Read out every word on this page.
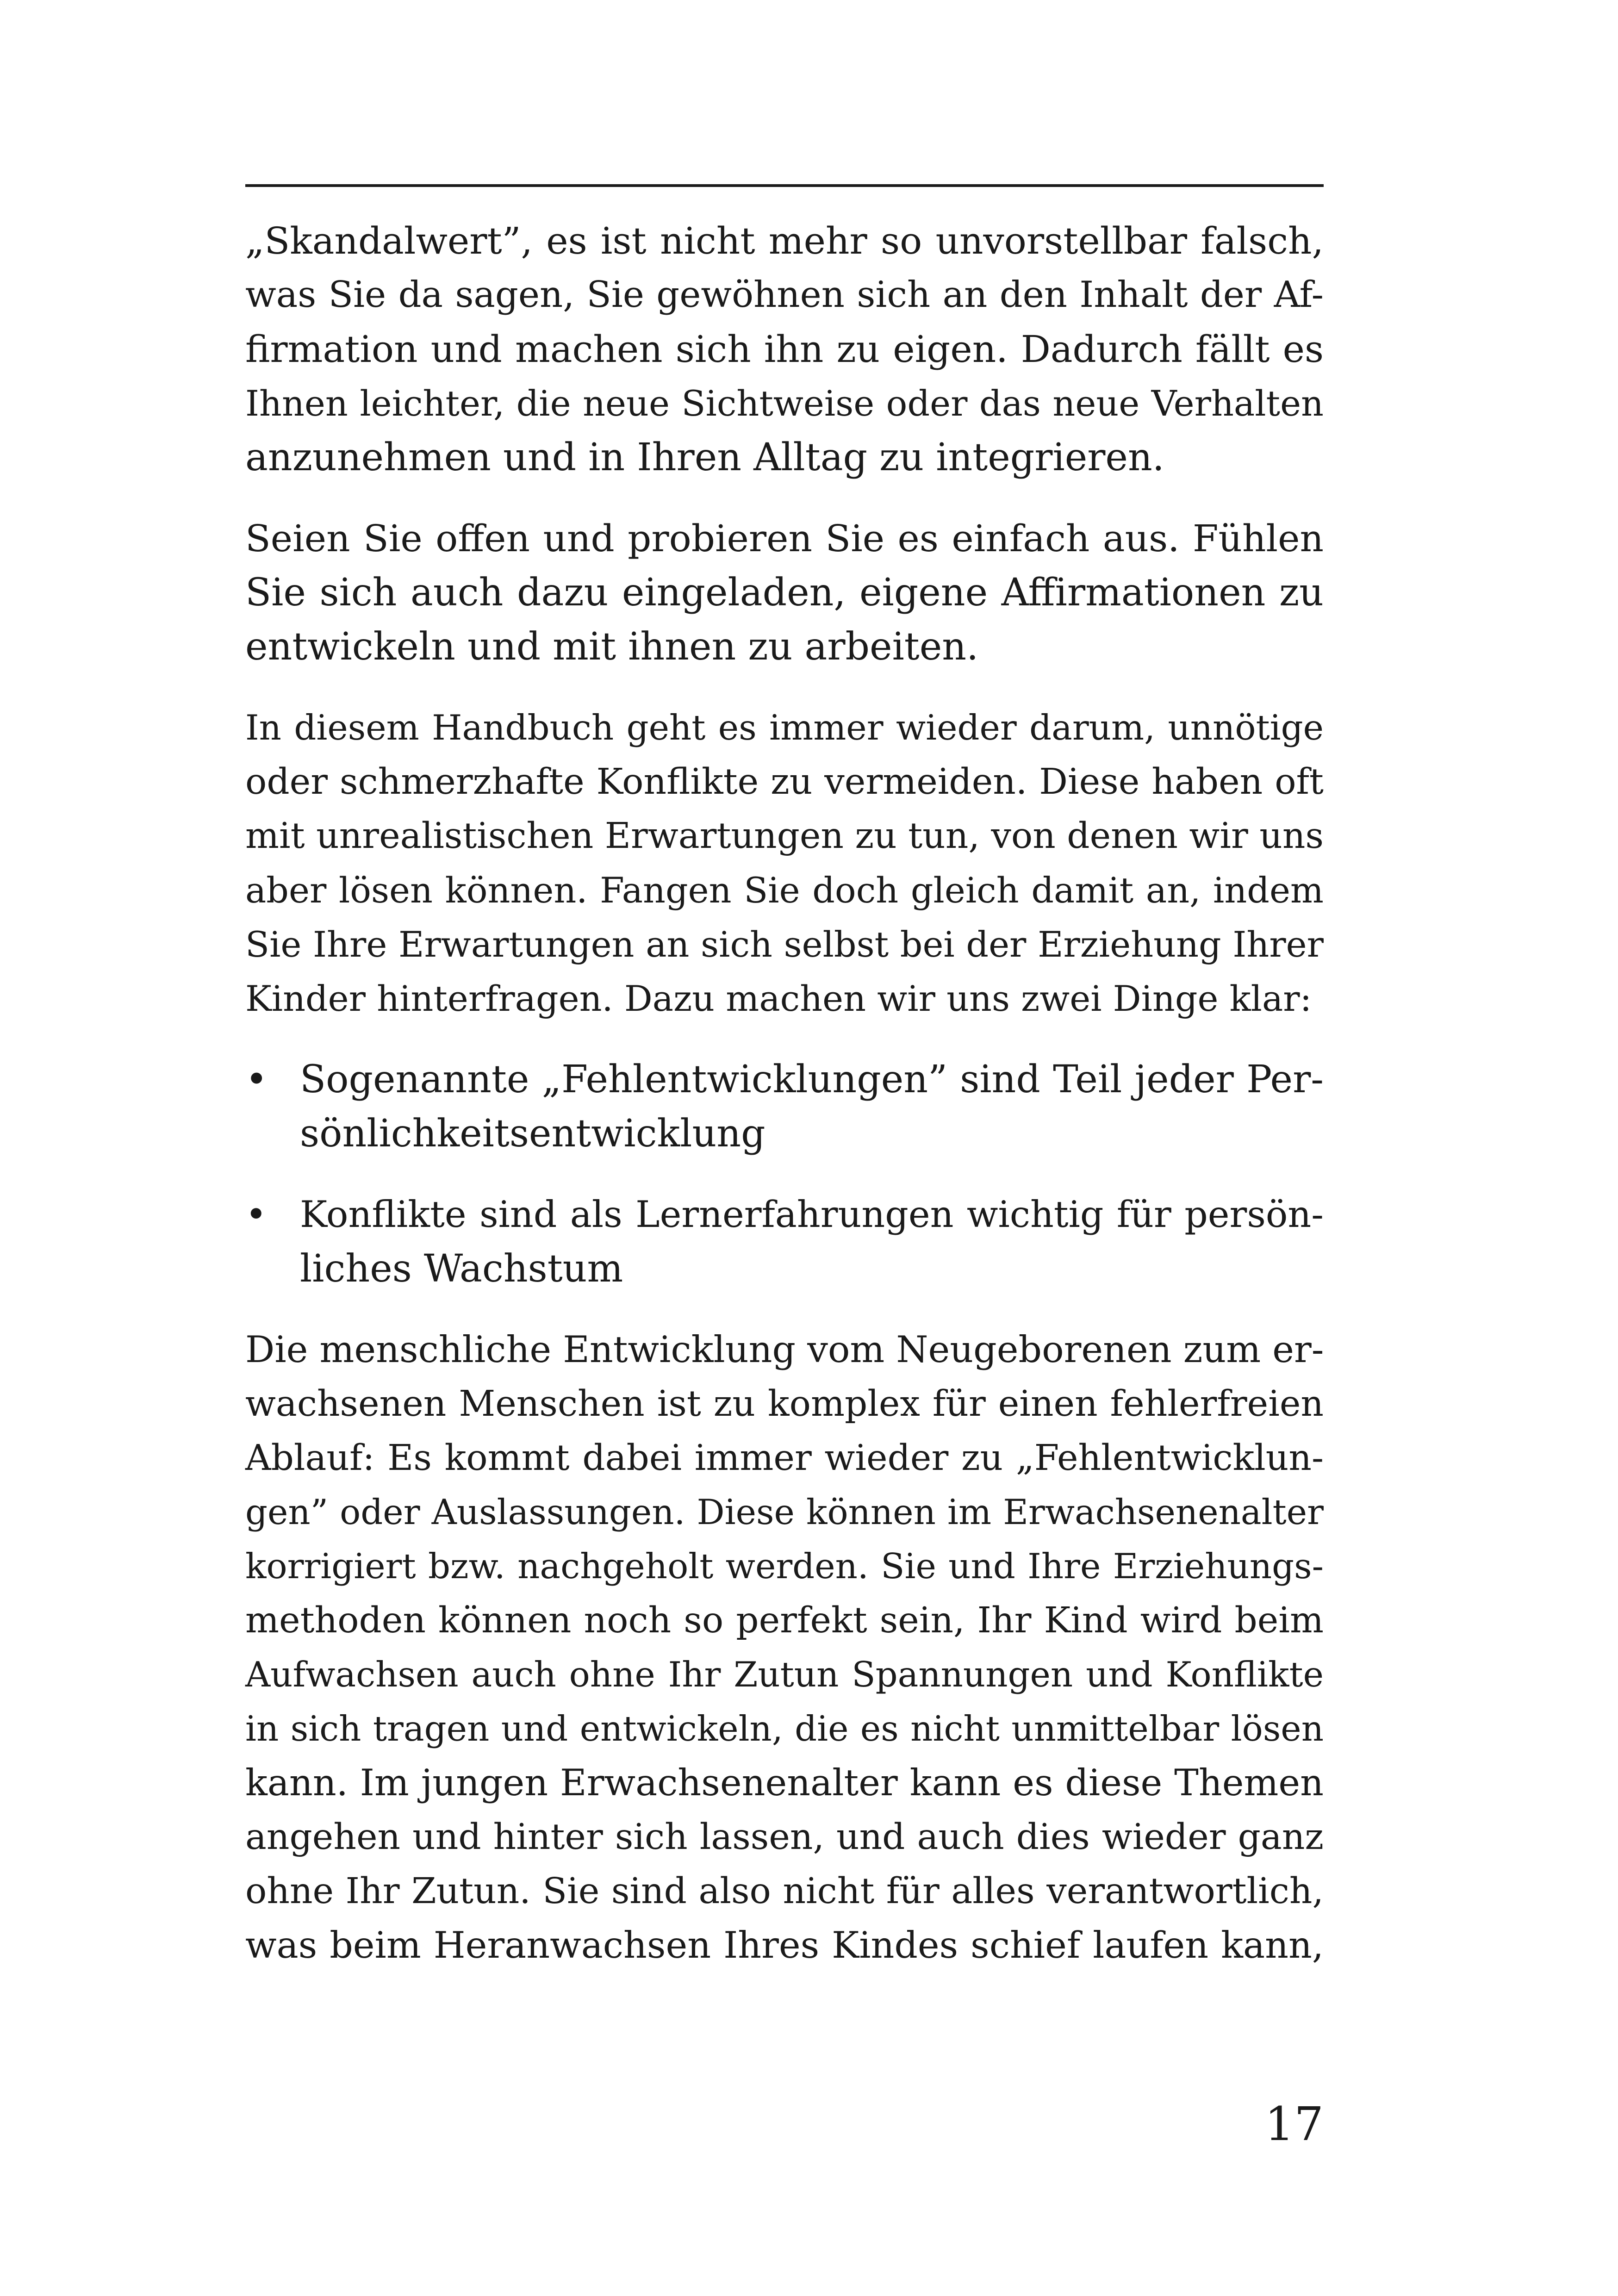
„Skandalwert”, es ist nicht mehr so unvorstellbar falsch,
was Sie da sagen, Sie gewöhnen sich an den Inhalt der Af-
firmation und machen sich ihn zu eigen. Dadurch fällt es
Ihnen leichter, die neue Sichtweise oder das neue Verhalten
anzunehmen und in Ihren Alltag zu integrieren.
Seien Sie offen und probieren Sie es einfach aus. Fühlen
Sie sich auch dazu eingeladen, eigene Affirmationen zu
entwickeln und mit ihnen zu arbeiten.
In diesem Handbuch geht es immer wieder darum, unnötige
oder schmerzhafte Konflikte zu vermeiden. Diese haben oft
mit unrealistischen Erwartungen zu tun, von denen wir uns
aber lösen können. Fangen Sie doch gleich damit an, indem
Sie Ihre Erwartungen an sich selbst bei der Erziehung Ihrer
Kinder hinterfragen. Dazu machen wir uns zwei Dinge klar:
• Sogenannte „Fehlentwicklungen” sind Teil jeder Per-
sönlichkeitsentwicklung
• Konflikte sind als Lernerfahrungen wichtig für persön-
liches Wachstum
Die menschliche Entwicklung vom Neugeborenen zum er-
wachsenen Menschen ist zu komplex für einen fehlerfreien
Ablauf: Es kommt dabei immer wieder zu „Fehlentwicklun-
gen” oder Auslassungen. Diese können im Erwachsenenalter
korrigiert bzw. nachgeholt werden. Sie und Ihre Erziehungs-
methoden können noch so perfekt sein, Ihr Kind wird beim
Aufwachsen auch ohne Ihr Zutun Spannungen und Konflikte
in sich tragen und entwickeln, die es nicht unmittelbar lösen
kann. Im jungen Erwachsenenalter kann es diese Themen
angehen und hinter sich lassen, und auch dies wieder ganz
ohne Ihr Zutun. Sie sind also nicht für alles verantwortlich,
was beim Heranwachsen Ihres Kindes schief laufen kann,
17
